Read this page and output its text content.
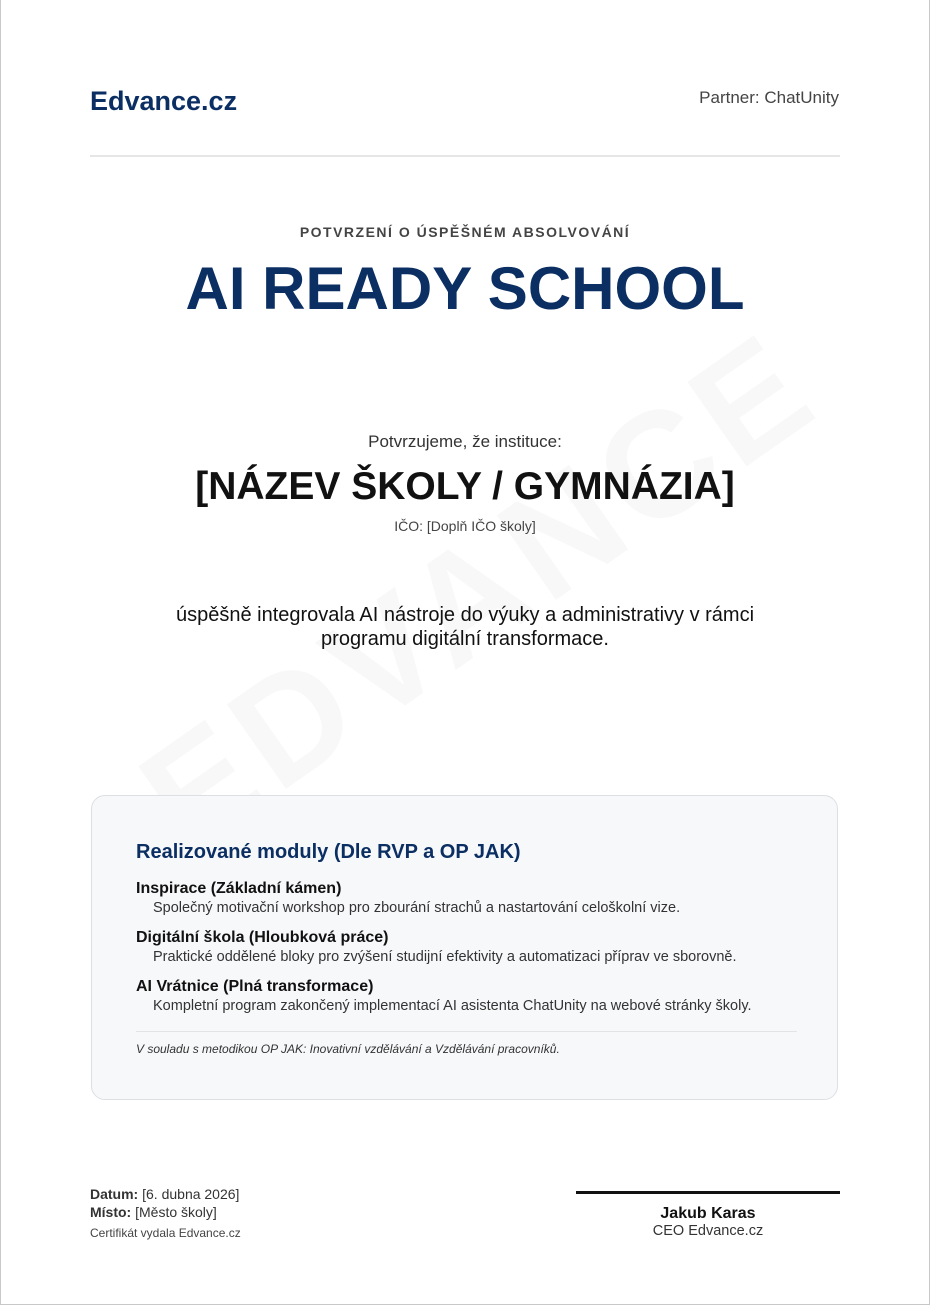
Edvance.cz	Partner: ChatUnity
POTVRZENÍ O ÚSPĚŠNÉM ABSOLVOVÁNÍ
AI READY SCHOOL
Potvrzujeme, že instituce:
[NÁZEV ŠKOLY / GYMNÁZIA]
IČO: [Doplň IČO školy]
úspěšně integrovala AI nástroje do výuky a administrativy v rámci programu digitální transformace.
Realizované moduly (Dle RVP a OP JAK)
Inspirace (Základní kámen)
Společný motivační workshop pro zbourání strachů a nastartování celoškolní vize.
Digitální škola (Hloubková práce)
Praktické oddělené bloky pro zvýšení studijní efektivity a automatizaci příprav ve sborovně.
AI Vrátnice (Plná transformace)
Kompletní program zakončený implementací AI asistenta ChatUnity na webové stránky školy.
V souladu s metodikou OP JAK: Inovativní vzdělávání a Vzdělávání pracovníků.
Datum: [6. dubna 2026]
Místo: [Město školy]
Certifikát vydala Edvance.cz
Jakub Karas
CEO Edvance.cz
